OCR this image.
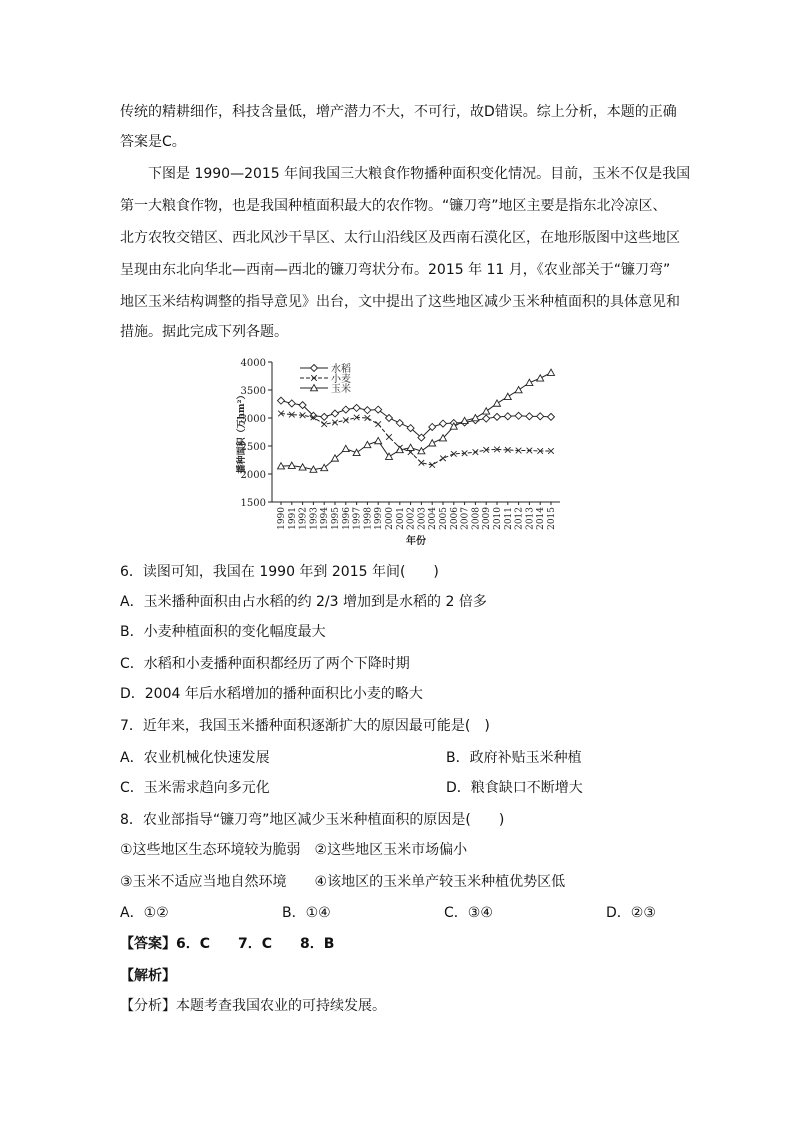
传统的精耕细作，科技含量低，增产潜力不大，不可行，故D错误。综上分析，本题的正确
答案是C。
下图是 1990—2015 年间我国三大粮食作物播种面积变化情况。目前，玉米不仅是我国
第一大粮食作物，也是我国种植面积最大的农作物。“镰刀弯”地区主要是指东北冷凉区、
北方农牧交错区、西北风沙干旱区、太行山沿线区及西南石漠化区，在地形版图中这些地区
呈现由东北向华北—西南—西北的镰刀弯状分布。2015 年 11 月，《农业部关于“镰刀弯”
地区玉米结构调整的指导意见》出台，文中提出了这些地区减少玉米种植面积的具体意见和
措施。据此完成下列各题。
1500
2000
2500
3000
3500
4000
1990 1991 1992 1993 1994 1995 1996 1997 1998 1999 2000 2001 2002 2003 2004 2005 2006 2007 2008 2009 2010 2011 2012 2013 2014 2015
年份
播种面积（万hm²）
水稻
小麦
玉米
6．读图可知，我国在 1990 年到 2015 年间(　　)
A．玉米播种面积由占水稻的约 2/3 增加到是水稻的 2 倍多
B．小麦种植面积的变化幅度最大
C．水稻和小麦播种面积都经历了两个下降时期
D．2004 年后水稻增加的播种面积比小麦的略大
7．近年来，我国玉米播种面积逐渐扩大的原因最可能是(　)
A．农业机械化快速发展	B．政府补贴玉米种植
C．玉米需求趋向多元化	D．粮食缺口不断增大
8．农业部指导“镰刀弯”地区减少玉米种植面积的原因是(　　)
①这些地区生态环境较为脆弱　②这些地区玉米市场偏小
③玉米不适应当地自然环境　　④该地区的玉米单产较玉米种植优势区低
A．①②	B．①④	C．③④	D．②③
【答案】6．C　　7．C　　8．B
【解析】
【分析】本题考查我国农业的可持续发展。
